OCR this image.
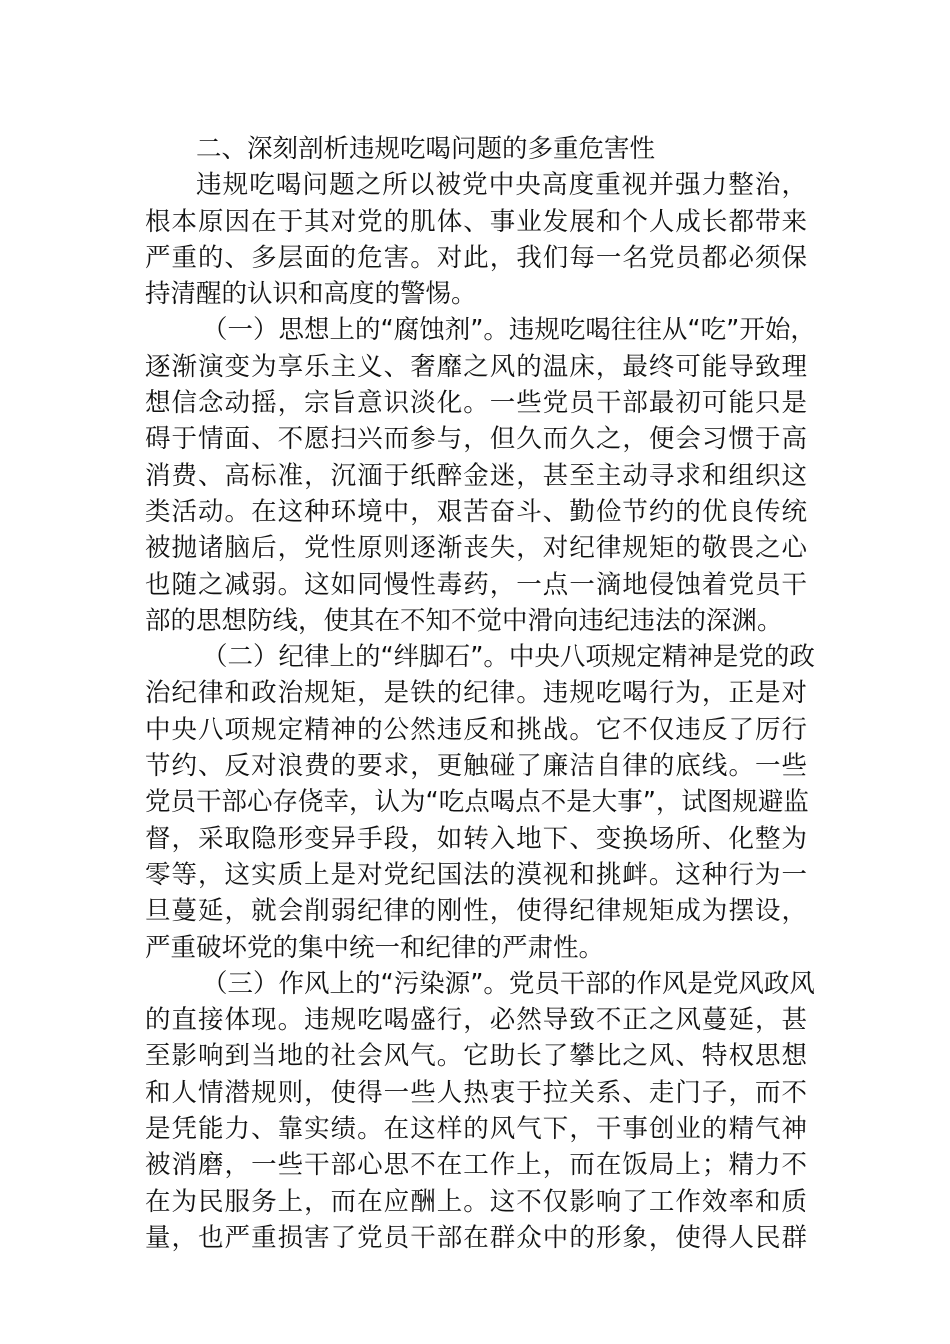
二、深刻剖析违规吃喝问题的多重危害性
违规吃喝问题之所以被党中央高度重视并强力整治，
根本原因在于其对党的肌体、事业发展和个人成长都带来
严重的、多层面的危害。对此，我们每一名党员都必须保
持清醒的认识和高度的警惕。
（一）思想上的“腐蚀剂”。违规吃喝往往从“吃”开始，
逐渐演变为享乐主义、奢靡之风的温床，最终可能导致理
想信念动摇，宗旨意识淡化。一些党员干部最初可能只是
碍于情面、不愿扫兴而参与，但久而久之，便会习惯于高
消费、高标准，沉湎于纸醉金迷，甚至主动寻求和组织这
类活动。在这种环境中，艰苦奋斗、勤俭节约的优良传统
被抛诸脑后，党性原则逐渐丧失，对纪律规矩的敬畏之心
也随之减弱。这如同慢性毒药，一点一滴地侵蚀着党员干
部的思想防线，使其在不知不觉中滑向违纪违法的深渊。
（二）纪律上的“绊脚石”。中央八项规定精神是党的政
治纪律和政治规矩，是铁的纪律。违规吃喝行为，正是对
中央八项规定精神的公然违反和挑战。它不仅违反了厉行
节约、反对浪费的要求，更触碰了廉洁自律的底线。一些
党员干部心存侥幸，认为“吃点喝点不是大事”，试图规避监
督，采取隐形变异手段，如转入地下、变换场所、化整为
零等，这实质上是对党纪国法的漠视和挑衅。这种行为一
旦蔓延，就会削弱纪律的刚性，使得纪律规矩成为摆设，
严重破坏党的集中统一和纪律的严肃性。
（三）作风上的“污染源”。党员干部的作风是党风政风
的直接体现。违规吃喝盛行，必然导致不正之风蔓延，甚
至影响到当地的社会风气。它助长了攀比之风、特权思想
和人情潜规则，使得一些人热衷于拉关系、走门子，而不
是凭能力、靠实绩。在这样的风气下，干事创业的精气神
被消磨，一些干部心思不在工作上，而在饭局上；精力不
在为民服务上，而在应酬上。这不仅影响了工作效率和质
量，也严重损害了党员干部在群众中的形象，使得人民群
